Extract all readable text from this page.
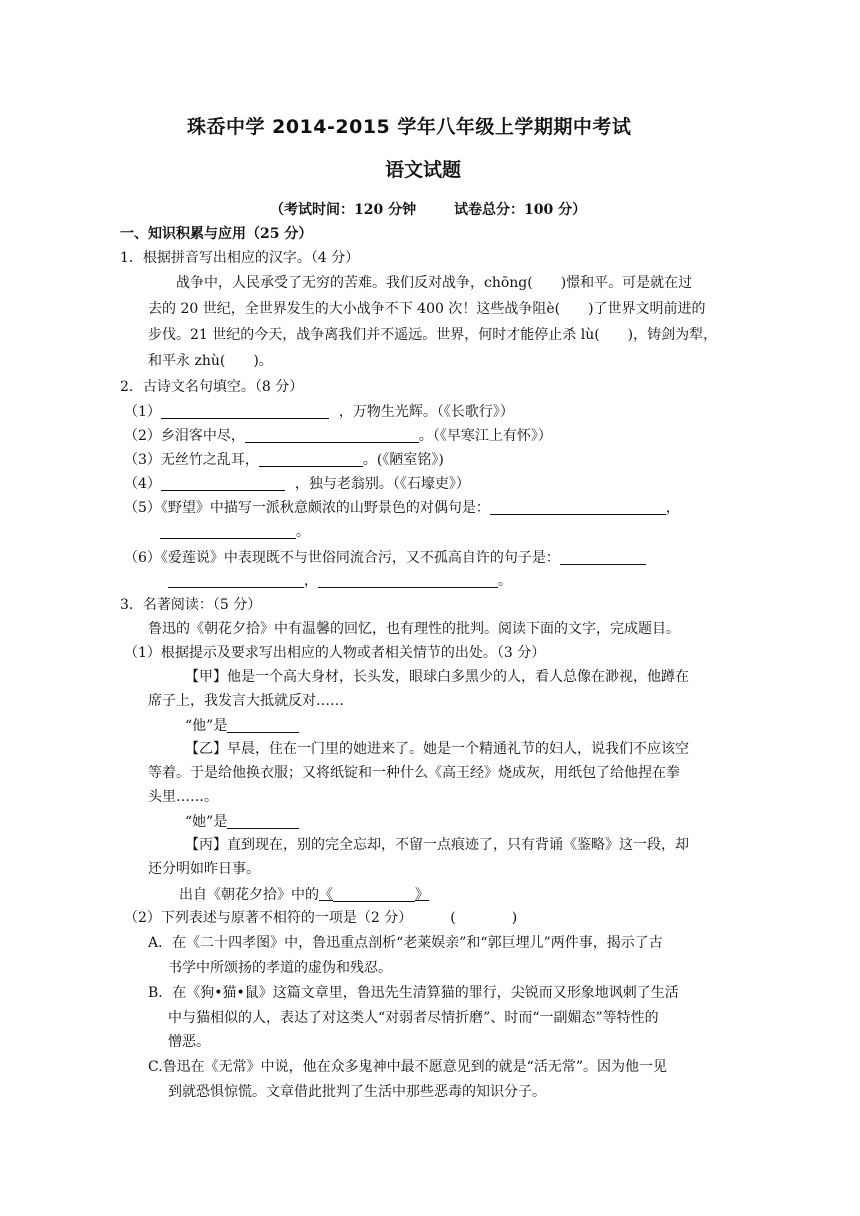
珠岙中学 2014-2015 学年八年级上学期期中考试
语文试题
（考试时间：120 分钟	试卷总分：100 分）
一、知识积累与应用（25 分）
1．根据拼音写出相应的汉字。（4 分）
战争中，人民承受了无穷的苦难。我们反对战争，chōng(　　)憬和平。可是就在过
去的 20 世纪，全世界发生的大小战争不下 400 次！这些战争阻è(　　)了世界文明前进的
步伐。21 世纪的今天，战争离我们并不遥远。世界，何时才能停止杀 lù(　　)，铸剑为犁，
和平永 zhù(　　)。
2．古诗文名句填空。（8 分）
（1）	，万物生光辉。（《长歌行》）
（2）乡泪客中尽，	。（《早寒江上有怀》）
（3）无丝竹之乱耳，	。(《陋室铭》)
（4）	，独与老翁别。（《石壕吏》）
（5）《野望》中描写一派秋意颇浓的山野景色的对偶句是：	，
。
（6）《爱莲说》中表现既不与世俗同流合污，又不孤高自许的句子是：
，	。
3．名著阅读：（5 分）
鲁迅的《朝花夕拾》中有温馨的回忆，也有理性的批判。阅读下面的文字，完成题目。
（1）根据提示及要求写出相应的人物或者相关情节的出处。（3 分）
【甲】他是一个高大身材，长头发，眼球白多黑少的人，看人总像在渺视，他蹲在
席子上，我发言大抵就反对……
“他”是
【乙】早晨，住在一门里的她进来了。她是一个精通礼节的妇人，说我们不应该空
等着。于是给他换衣服；又将纸锭和一种什么《高王经》烧成灰，用纸包了给他捏在拳
头里……。
“她”是
【丙】直到现在，别的完全忘却，不留一点痕迹了，只有背诵《鉴略》这一段，却
还分明如昨日事。
出自《朝花夕拾》中的《	》
（2）下列表述与原著不相符的一项是（2 分）	(　　　　)
A．在《二十四孝图》中，鲁迅重点剖析“老莱娱亲”和“郭巨埋儿”两件事，揭示了古
书学中所颂扬的孝道的虚伪和残忍。
B．在《狗•猫•鼠》这篇文章里，鲁迅先生清算猫的罪行，尖锐而又形象地讽刺了生活
中与猫相似的人，表达了对这类人“对弱者尽情折磨”、时而“一副媚态”等特性的
憎恶。
C.鲁迅在《无常》中说，他在众多鬼神中最不愿意见到的就是“活无常”。因为他一见
到就恐惧惊慌。文章借此批判了生活中那些恶毒的知识分子。
